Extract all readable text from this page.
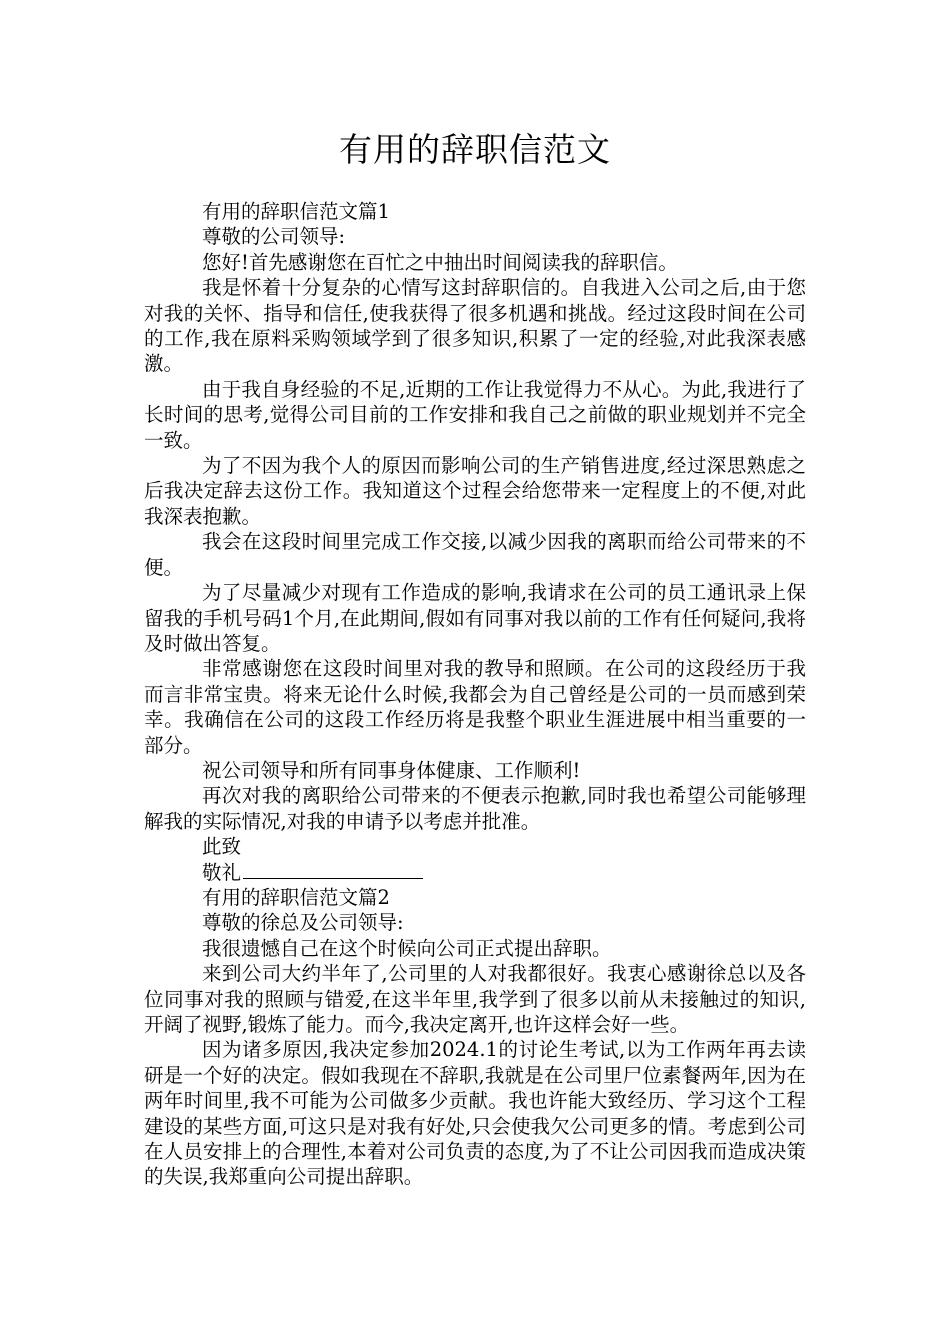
有用的辞职信范文

有用的辞职信范文篇1

尊敬的公司领导:

您好!首先感谢您在百忙之中抽出时间阅读我的辞职信。

我是怀着十分复杂的心情写这封辞职信的。自我进入公司之后,由于您对我的关怀、指导和信任,使我获得了很多机遇和挑战。经过这段时间在公司的工作,我在原料采购领域学到了很多知识,积累了一定的经验,对此我深表感激。

由于我自身经验的不足,近期的工作让我觉得力不从心。为此,我进行了长时间的思考,觉得公司目前的工作安排和我自己之前做的职业规划并不完全一致。

为了不因为我个人的原因而影响公司的生产销售进度,经过深思熟虑之后我决定辞去这份工作。我知道这个过程会给您带来一定程度上的不便,对此我深表抱歉。

我会在这段时间里完成工作交接,以减少因我的离职而给公司带来的不便。

为了尽量减少对现有工作造成的影响,我请求在公司的员工通讯录上保留我的手机号码1个月,在此期间,假如有同事对我以前的工作有任何疑问,我将及时做出答复。

非常感谢您在这段时间里对我的教导和照顾。在公司的这段经历于我而言非常宝贵。将来无论什么时候,我都会为自己曾经是公司的一员而感到荣幸。我确信在公司的这段工作经历将是我整个职业生涯进展中相当重要的一部分。

祝公司领导和所有同事身体健康、工作顺利!

再次对我的离职给公司带来的不便表示抱歉,同时我也希望公司能够理解我的实际情况,对我的申请予以考虑并批准。

此致

敬礼

有用的辞职信范文篇2

尊敬的徐总及公司领导:

我很遗憾自己在这个时候向公司正式提出辞职。

来到公司大约半年了,公司里的人对我都很好。我衷心感谢徐总以及各位同事对我的照顾与错爱,在这半年里,我学到了很多以前从未接触过的知识,开阔了视野,锻炼了能力。而今,我决定离开,也许这样会好一些。

因为诸多原因,我决定参加2024.1的讨论生考试,以为工作两年再去读研是一个好的决定。假如我现在不辞职,我就是在公司里尸位素餐两年,因为在两年时间里,我不可能为公司做多少贡献。我也许能大致经历、学习这个工程建设的某些方面,可这只是对我有好处,只会使我欠公司更多的情。考虑到公司在人员安排上的合理性,本着对公司负责的态度,为了不让公司因我而造成决策的失误,我郑重向公司提出辞职。
